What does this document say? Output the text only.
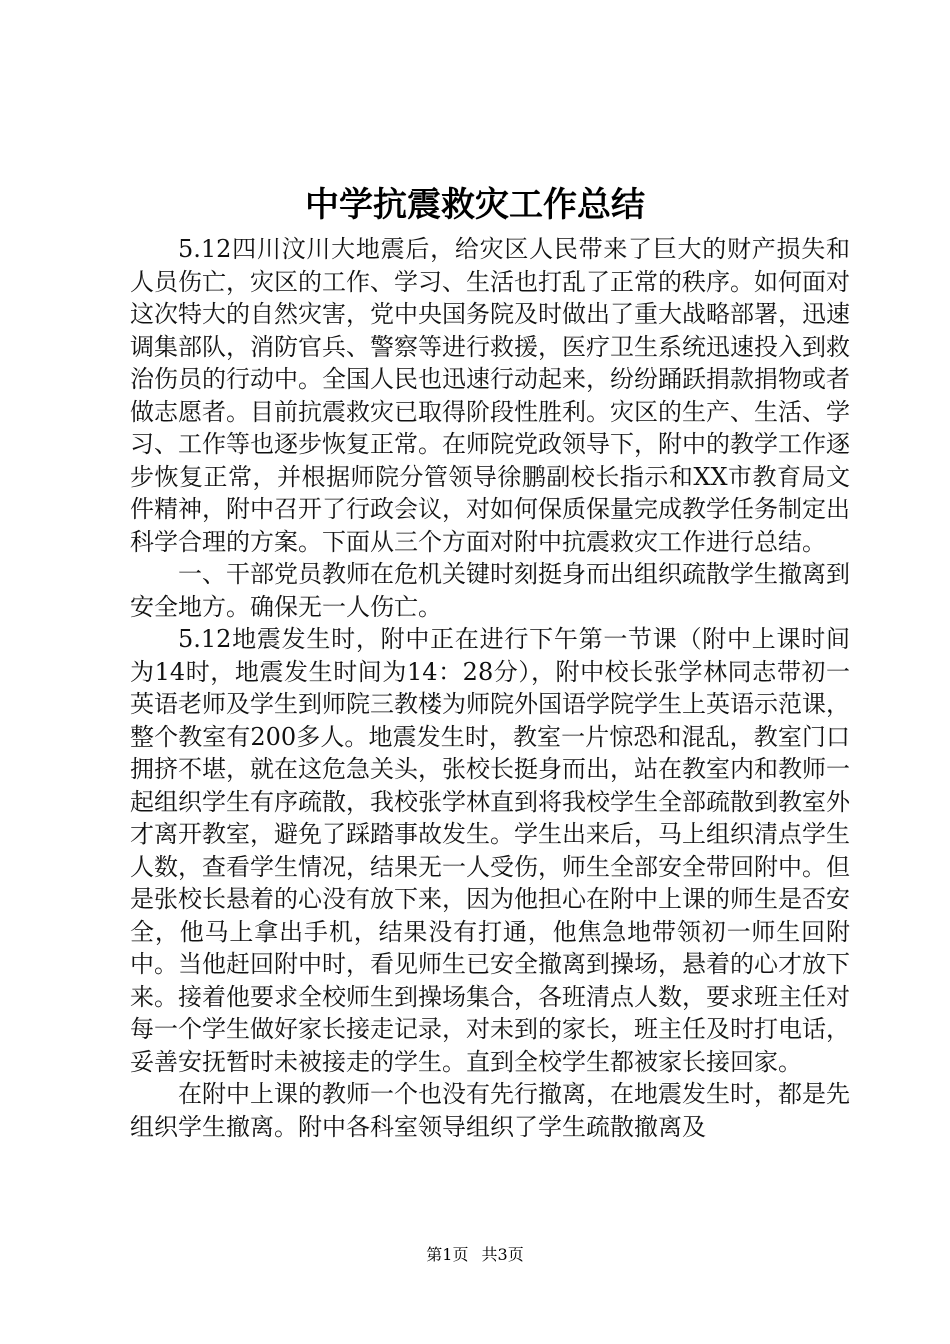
中学抗震救灾工作总结

5.12四川汶川大地震后，给灾区人民带来了巨大的财产损失和人员伤亡，灾区的工作、学习、生活也打乱了正常的秩序。如何面对这次特大的自然灾害，党中央国务院及时做出了重大战略部署，迅速调集部队，消防官兵、警察等进行救援，医疗卫生系统迅速投入到救治伤员的行动中。全国人民也迅速行动起来，纷纷踊跃捐款捐物或者做志愿者。目前抗震救灾已取得阶段性胜利。灾区的生产、生活、学习、工作等也逐步恢复正常。在师院党政领导下，附中的教学工作逐步恢复正常，并根据师院分管领导徐鹏副校长指示和XX市教育局文件精神，附中召开了行政会议，对如何保质保量完成教学任务制定出科学合理的方案。下面从三个方面对附中抗震救灾工作进行总结。

一、干部党员教师在危机关键时刻挺身而出组织疏散学生撤离到安全地方。确保无一人伤亡。

5.12地震发生时，附中正在进行下午第一节课（附中上课时间为14时，地震发生时间为14：28分），附中校长张学林同志带初一英语老师及学生到师院三教楼为师院外国语学院学生上英语示范课，整个教室有200多人。地震发生时，教室一片惊恐和混乱，教室门口拥挤不堪，就在这危急关头，张校长挺身而出，站在教室内和教师一起组织学生有序疏散，我校张学林直到将我校学生全部疏散到教室外才离开教室，避免了踩踏事故发生。学生出来后，马上组织清点学生人数，查看学生情况，结果无一人受伤，师生全部安全带回附中。但是张校长悬着的心没有放下来，因为他担心在附中上课的师生是否安全，他马上拿出手机，结果没有打通，他焦急地带领初一师生回附中。当他赶回附中时，看见师生已安全撤离到操场，悬着的心才放下来。接着他要求全校师生到操场集合，各班清点人数，要求班主任对每一个学生做好家长接走记录，对未到的家长，班主任及时打电话，妥善安抚暂时未被接走的学生。直到全校学生都被家长接回家。

在附中上课的教师一个也没有先行撤离，在地震发生时，都是先组织学生撤离。附中各科室领导组织了学生疏散撤离及

第1页 共3页
